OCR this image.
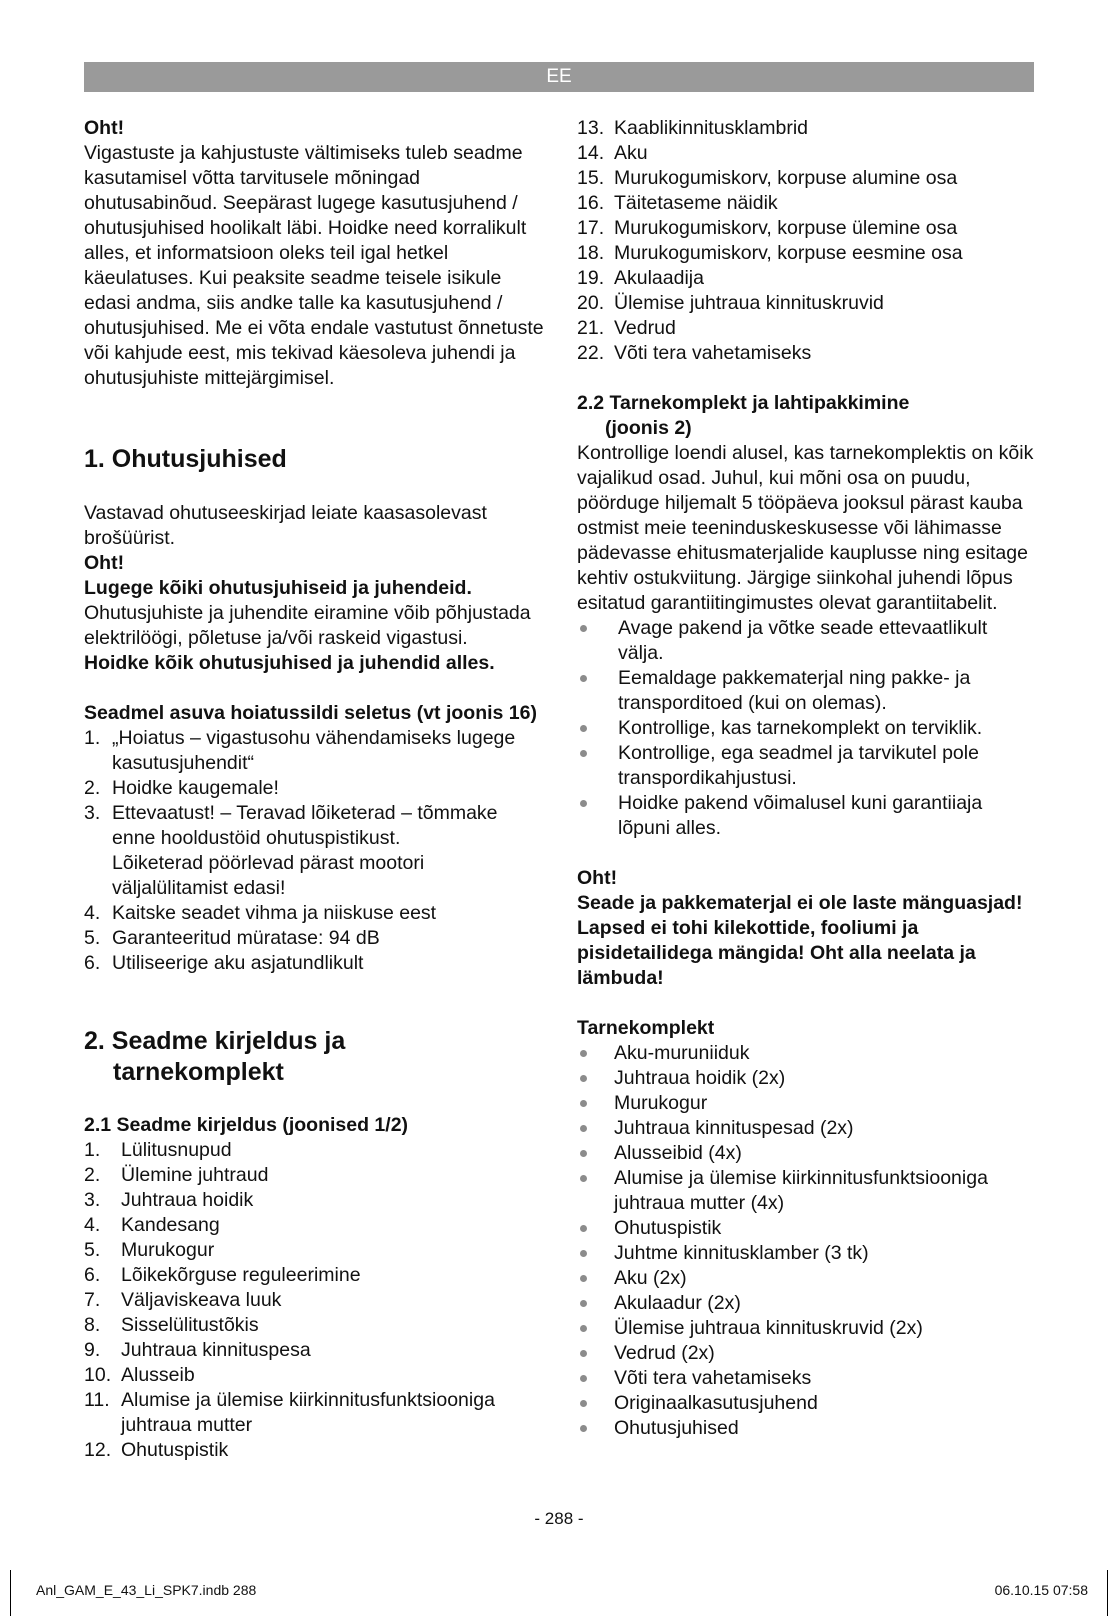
EE

Oht!

Vigastuste ja kahjustuste vältimiseks tuleb seadme kasutamisel võtta tarvitusele mõningad ohutusabinõud. Seepärast lugege kasutusjuhend / ohutusjuhised hoolikalt läbi. Hoidke need korralikult alles, et informatsioon oleks teil igal hetkel käeulatuses. Kui peaksite seadme teisele isikule edasi andma, siis andke talle ka kasutusjuhend / ohutusjuhised. Me ei võta endale vastutust õnnetuste või kahjude eest, mis tekivad käesoleva juhendi ja ohutusjuhiste mittejärgimisel.

1. Ohutusjuhised

Vastavad ohutuseeskirjad leiate kaasasolevast brošüürist.

Oht!

Lugege kõiki ohutusjuhiseid ja juhendeid.

Ohutusjuhiste ja juhendite eiramine võib põhjustada elektrilöögi, põletuse ja/või raskeid vigastusi.

Hoidke kõik ohutusjuhised ja juhendid alles.

Seadmel asuva hoiatussildi seletus (vt joonis 16)

1. „Hoiatus – vigastusohu vähendamiseks lugege kasutusjuhendit“
2. Hoidke kaugemale!
3. Ettevaatust! – Teravad lõiketerad – tõmmake enne hooldustöid ohutuspistikust.
Lõiketerad pöörlevad pärast mootori väljalülitamist edasi!
4. Kaitske seadet vihma ja niiskuse eest
5. Garanteeritud müratase: 94 dB
6. Utiliseerige aku asjatundlikult

2. Seadme kirjeldus ja
tarnekomplekt

2.1 Seadme kirjeldus (joonised 1/2)

1. Lülitusnupud
2. Ülemine juhtraud
3. Juhtraua hoidik
4. Kandesang
5. Murukogur
6. Lõikekõrguse reguleerimine
7. Väljaviskeava luuk
8. Sisselülitustõkis
9. Juhtraua kinnituspesa
10. Alusseib
11. Alumise ja ülemise kiirkinnitusfunktsiooniga juhtraua mutter
12. Ohutuspistik
13. Kaablikinnitusklambrid
14. Aku
15. Murukogumiskorv, korpuse alumine osa
16. Täitetaseme näidik
17. Murukogumiskorv, korpuse ülemine osa
18. Murukogumiskorv, korpuse eesmine osa
19. Akulaadija
20. Ülemise juhtraua kinnituskruvid
21. Vedrud
22. Võti tera vahetamiseks

2.2 Tarnekomplekt ja lahtipakkimine
(joonis 2)

Kontrollige loendi alusel, kas tarnekomplektis on kõik vajalikud osad. Juhul, kui mõni osa on puudu, pöörduge hiljemalt 5 tööpäeva jooksul pärast kauba ostmist meie teeninduskeskusesse või lähimasse pädevasse ehitusmaterjalide kauplusse ning esitage kehtiv ostukviitung. Järgige siinkohal juhendi lõpus esitatud garantiitingimustes olevat garantiitabelit.

Avage pakend ja võtke seade ettevaatlikult välja.
Eemaldage pakkematerjal ning pakke- ja transporditoed (kui on olemas).
Kontrollige, kas tarnekomplekt on terviklik.
Kontrollige, ega seadmel ja tarvikutel pole transpordikahjustusi.
Hoidke pakend võimalusel kuni garantiiaja lõpuni alles.

Oht!

Seade ja pakkematerjal ei ole laste mänguasjad! Lapsed ei tohi kilekottide, fooliumi ja pisidetailidega mängida! Oht alla neelata ja lämbuda!

Tarnekomplekt

Aku-muruniiduk
Juhtraua hoidik (2x)
Murukogur
Juhtraua kinnituspesad (2x)
Alusseibid (4x)
Alumise ja ülemise kiirkinnitusfunktsiooniga juhtraua mutter (4x)
Ohutuspistik
Juhtme kinnitusklamber (3 tk)
Aku (2x)
Akulaadur (2x)
Ülemise juhtraua kinnituskruvid (2x)
Vedrud (2x)
Võti tera vahetamiseks
Originaalkasutusjuhend
Ohutusjuhised
- 288 -
Anl_GAM_E_43_Li_SPK7.indb 288	06.10.15 07:58
